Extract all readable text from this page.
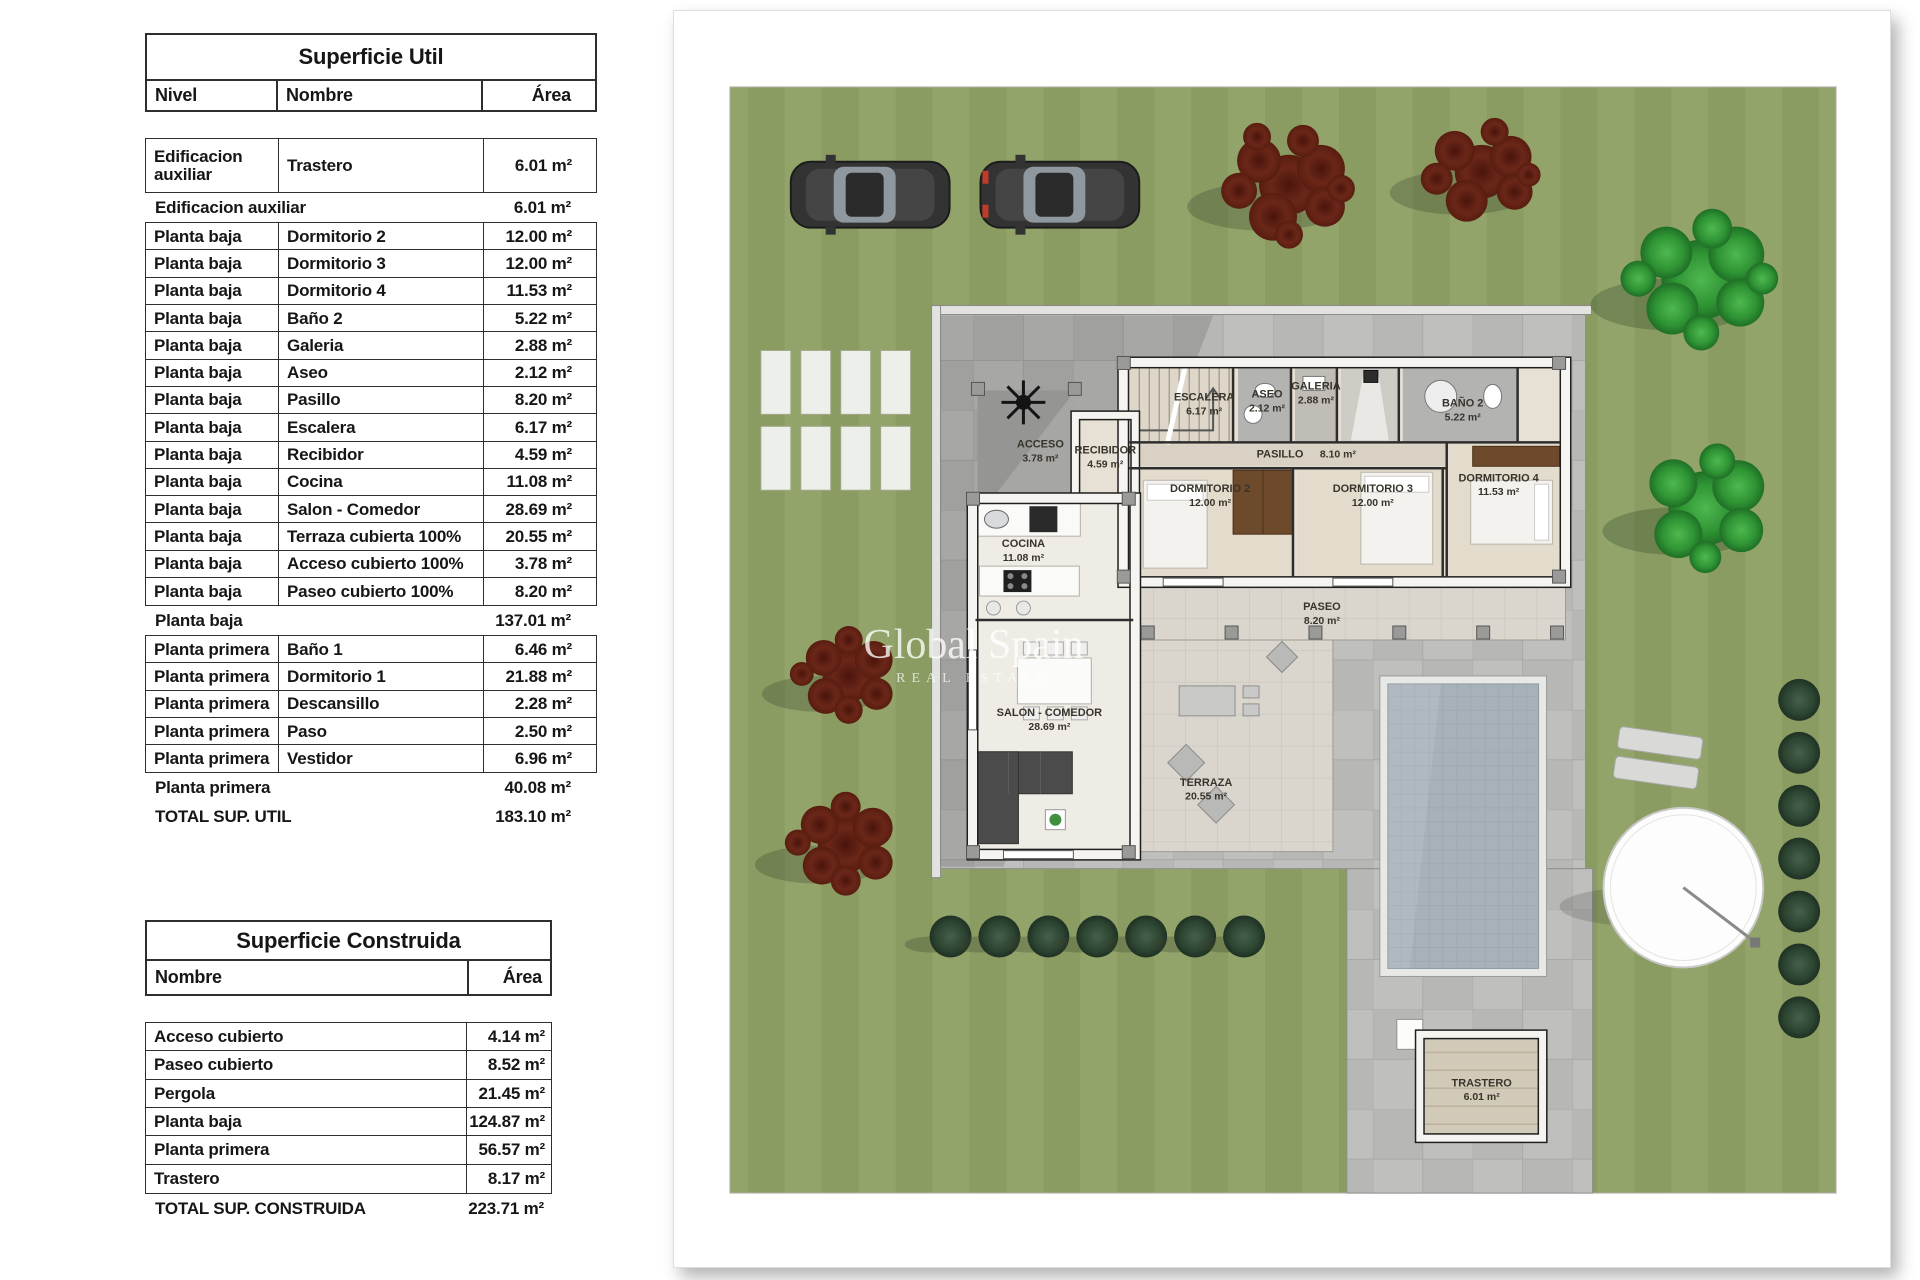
Superficie Util
Nivel	Nombre	Área
Edificacion auxiliar	Trastero	6.01 m²
Edificacion auxiliar	6.01 m²
Planta baja	Dormitorio 2	12.00 m²
Planta baja	Dormitorio 3	12.00 m²
Planta baja	Dormitorio 4	11.53 m²
Planta baja	Baño 2	5.22 m²
Planta baja	Galeria	2.88 m²
Planta baja	Aseo	2.12 m²
Planta baja	Pasillo	8.20 m²
Planta baja	Escalera	6.17 m²
Planta baja	Recibidor	4.59 m²
Planta baja	Cocina	11.08 m²
Planta baja	Salon - Comedor	28.69 m²
Planta baja	Terraza cubierta 100%	20.55 m²
Planta baja	Acceso cubierto 100%	3.78 m²
Planta baja	Paseo cubierto 100%	8.20 m²
Planta baja	137.01 m²
Planta primera	Baño 1	6.46 m²
Planta primera	Dormitorio 1	21.88 m²
Planta primera	Descansillo	2.28 m²
Planta primera	Paso	2.50 m²
Planta primera	Vestidor	6.96 m²
Planta primera	40.08 m²
TOTAL SUP. UTIL	183.10 m²
Superficie Construida
Nombre	Área
Acceso cubierto	4.14 m²
Paseo cubierto	8.52 m²
Pergola	21.45 m²
Planta baja	124.87 m²
Planta primera	56.57 m²
Trastero	8.17 m²
TOTAL SUP. CONSTRUIDA	223.71 m²
ACCESO
3.78 m²
RECIBIDOR
4.59 m²
ESCALERA
6.17 m²
ASEO
2.12 m²
GALERIA
2.88 m²	BAÑO 2
5.22 m²
PASILLO 8.10 m²
DORMITORIO 2
12.00 m²
DORMITORIO 3
12.00 m²
DORMITORIO 4
11.53 m²
COCINA
11.08 m²
SALON - COMEDOR
28.69 m²
TERRAZA
20.55 m²
PASEO
8.20 m²
TRASTERO
6.01 m²
Global Spain
REAL ESTATE
